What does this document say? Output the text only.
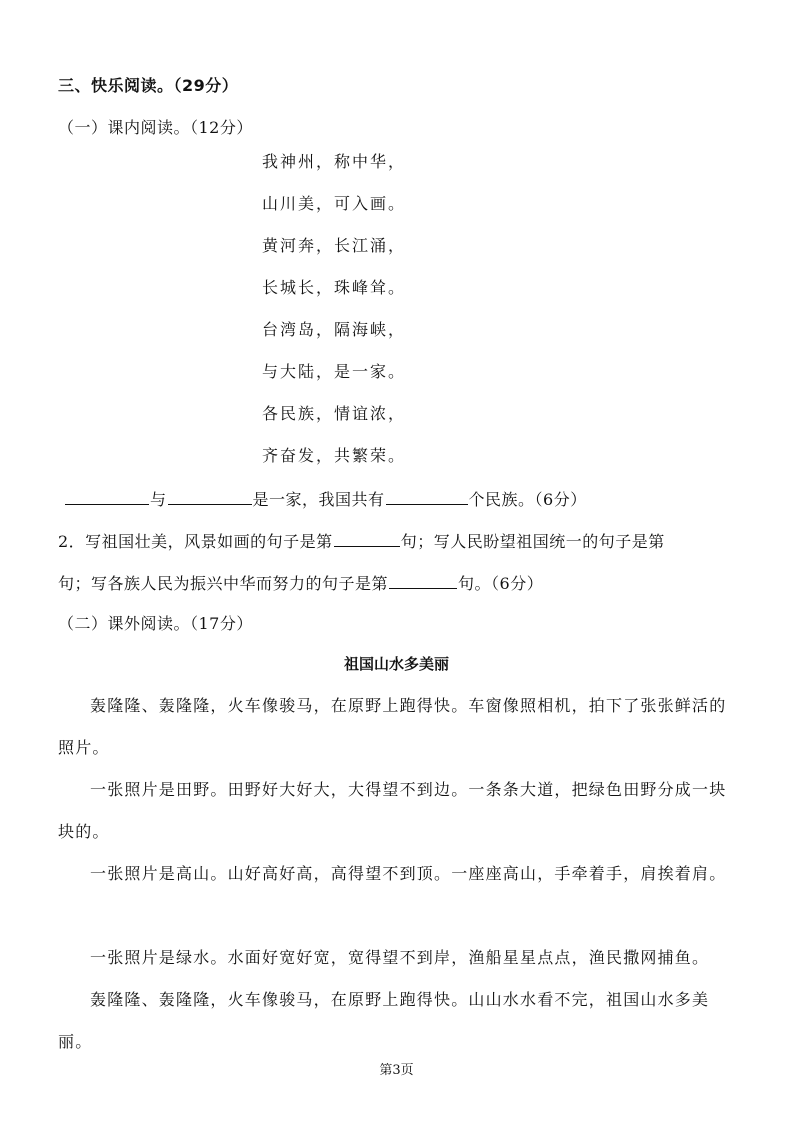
三、快乐阅读。（29分）
（一）课内阅读。（12分）
我神州，称中华，
山川美，可入画。
黄河奔，长江涌，
长城长，珠峰耸。
台湾岛，隔海峡，
与大陆，是一家。
各民族，情谊浓，
齐奋发，共繁荣。
与	是一家，我国共有	个民族。（6分）
2．写祖国壮美，风景如画的句子是第	句；写人民盼望祖国统一的句子是第
句；写各族人民为振兴中华而努力的句子是第	句。（6分）
（二）课外阅读。（17分）
祖国山水多美丽

轰隆隆、轰隆隆，火车像骏马，在原野上跑得快。车窗像照相机，拍下了张张鲜活的照片。

一张照片是田野。田野好大好大，大得望不到边。一条条大道，把绿色田野分成一块块的。

一张照片是高山。山好高好高，高得望不到顶。一座座高山，手牵着手，肩挨着肩。

一张照片是绿水。水面好宽好宽，宽得望不到岸，渔船星星点点，渔民撒网捕鱼。

轰隆隆、轰隆隆，火车像骏马，在原野上跑得快。山山水水看不完，祖国山水多美丽。

第3页
